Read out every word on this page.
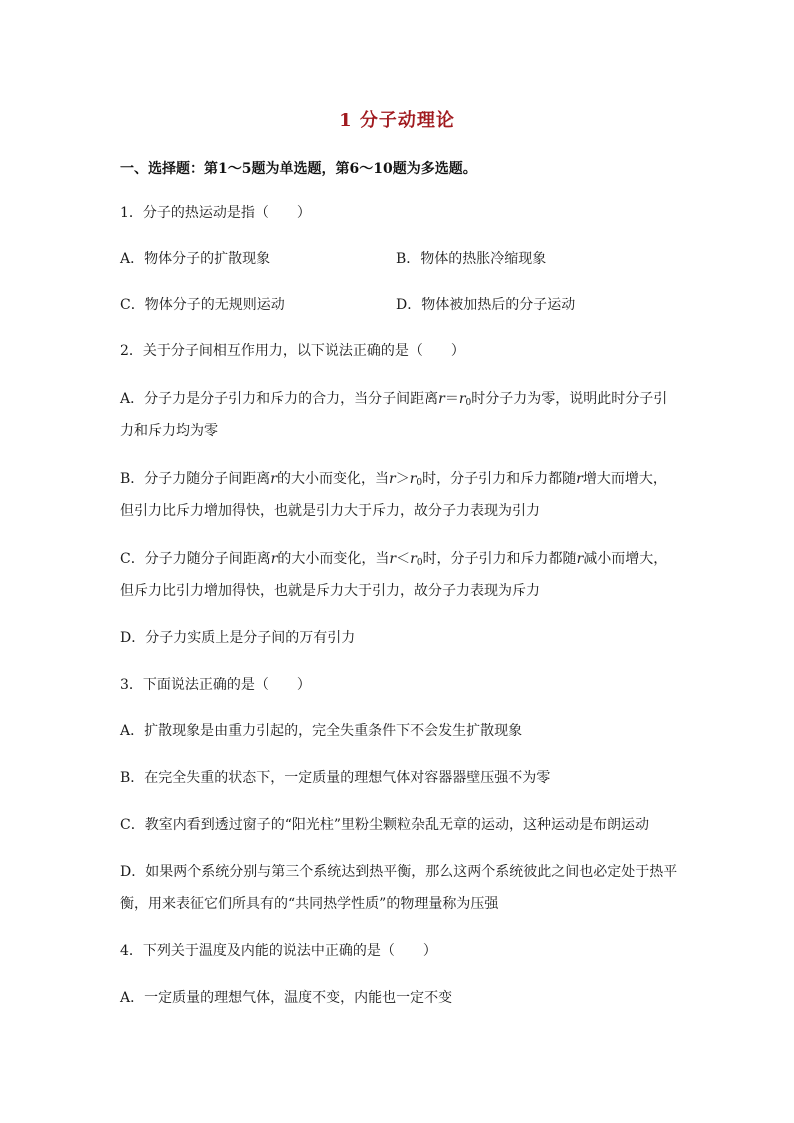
1 分子动理论
一、选择题：第1～5题为单选题，第6～10题为多选题。
1．分子的热运动是指（　　）
A．物体分子的扩散现象	B．物体的热胀冷缩现象
C．物体分子的无规则运动	D．物体被加热后的分子运动
2．关于分子间相互作用力，以下说法正确的是（　　）
A．分子力是分子引力和斥力的合力，当分子间距离$r=r_0$时分子力为零，说明此时分子引
力和斥力均为零
B．分子力随分子间距离r的大小而变化，当$r>r_0$时，分子引力和斥力都随r增大而增大，
但引力比斥力增加得快，也就是引力大于斥力，故分子力表现为引力
C．分子力随分子间距离r的大小而变化，当$r<r_0$时，分子引力和斥力都随r减小而增大，
但斥力比引力增加得快，也就是斥力大于引力，故分子力表现为斥力
D．分子力实质上是分子间的万有引力
3．下面说法正确的是（　　）
A．扩散现象是由重力引起的，完全失重条件下不会发生扩散现象
B．在完全失重的状态下，一定质量的理想气体对容器器壁压强不为零
C．教室内看到透过窗子的“阳光柱”里粉尘颗粒杂乱无章的运动，这种运动是布朗运动
D．如果两个系统分别与第三个系统达到热平衡，那么这两个系统彼此之间也必定处于热平
衡，用来表征它们所具有的“共同热学性质”的物理量称为压强
4．下列关于温度及内能的说法中正确的是（　　）
A．一定质量的理想气体，温度不变，内能也一定不变
